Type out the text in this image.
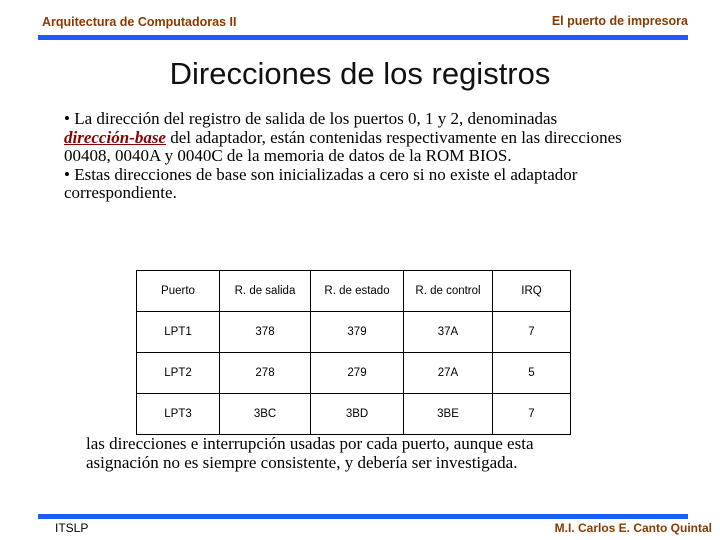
Arquitectura de Computadoras II	El puerto de impresora
Direcciones de los registros

• La dirección del registro de salida de los puertos 0, 1 y 2, denominadas
dirección-base del adaptador, están contenidas respectivamente en las direcciones 00408, 0040A y 0040C de la memoria de datos de la ROM BIOS.

• Estas direcciones de base son inicializadas a cero si no existe el adaptador correspondiente.

Puerto	R. de salida	R. de estado	R. de control	IRQ
LPT1	378	379	37A	7
LPT2	278	279	27A	5
LPT3	3BC	3BD	3BE	7

las direcciones e interrupción usadas por cada puerto, aunque esta

asignación no es siempre consistente, y debería ser investigada.

ITSLP	M.I. Carlos E. Canto Quintal
